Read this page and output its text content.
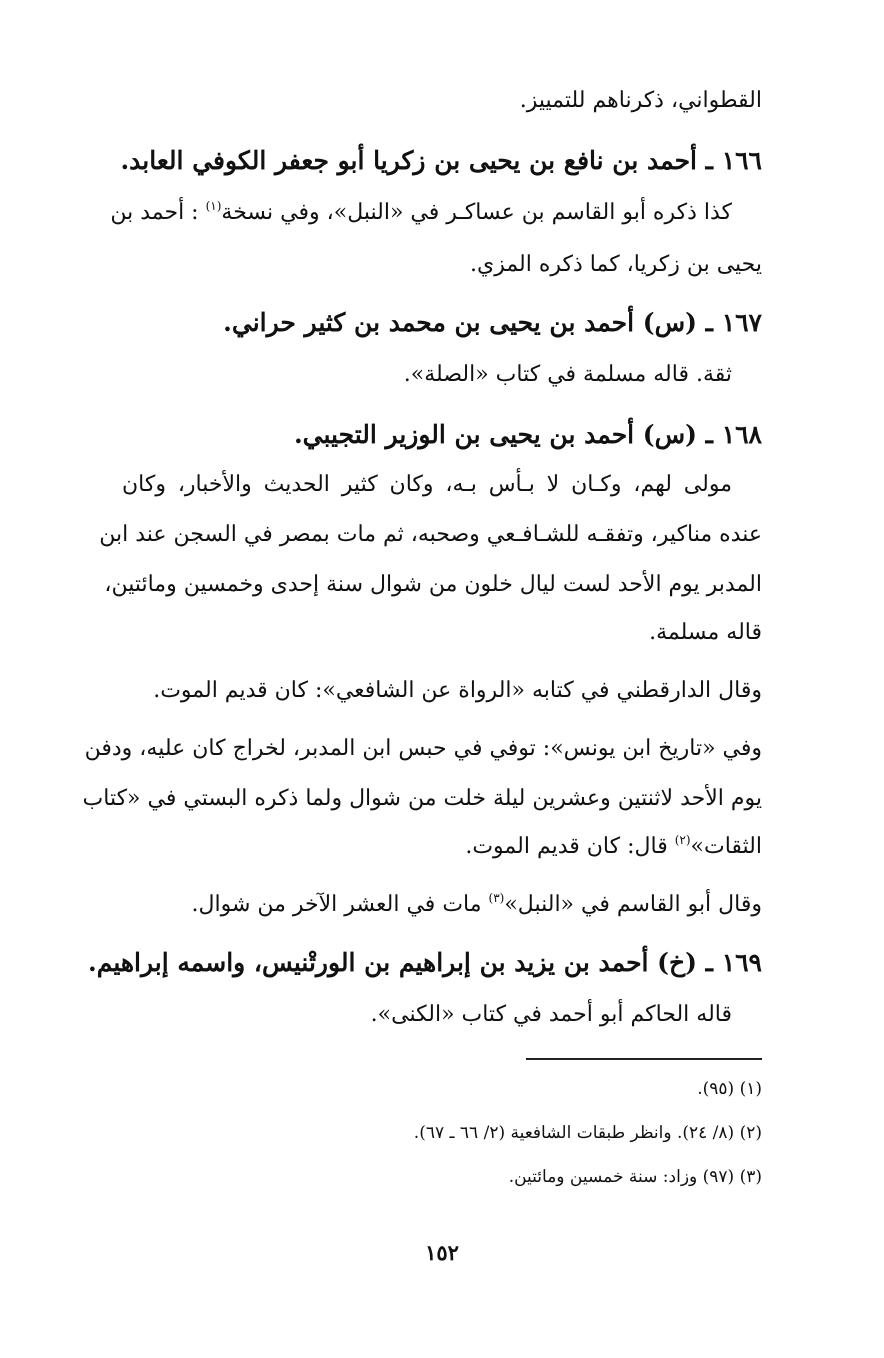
القطواني، ذكرناهم للتمييز.
١٦٦ ـ أحمد بن نافع بن يحيى بن زكريا أبو جعفر الكوفي العابد.
كذا ذكره أبو القاسم بن عساكـر في «النبل»، وفي نسخة$^{(١)}$ : أحمد بن
يحيى بن زكريا، كما ذكره المزي.
١٦٧ ـ (س) أحمد بن يحيى بن محمد بن كثير حراني.
ثقة. قاله مسلمة في كتاب «الصلة».
١٦٨ ـ (س) أحمد بن يحيى بن الوزير التجيبي.
مولى لهم، وكـان لا بـأس بـه، وكان كثير الحديث والأخبار، وكان
عنده مناكير، وتفقـه للشـافـعي وصحبه، ثم مات بمصر في السجن عند ابن
المدبر يوم الأحد لست ليال خلون من شوال سنة إحدى وخمسين ومائتين،
قاله مسلمة.
وقال الدارقطني في كتابه «الرواة عن الشافعي»: كان قديم الموت.
وفي «تاريخ ابن يونس»: توفي في حبس ابن المدبر، لخراج كان عليه، ودفن
يوم الأحد لاثنتين وعشرين ليلة خلت من شوال ولما ذكره البستي في «كتاب
الثقات»$^{(٢)}$ قال: كان قديم الموت.
وقال أبو القاسم في «النبل»$^{(٣)}$ مات في العشر الآخر من شوال.
١٦٩ ـ (خ) أحمد بن يزيد بن إبراهيم بن الورتْنيس، واسمه إبراهيم.
قاله الحاكم أبو أحمد في كتاب «الكنى».
(١) (٩٥).
(٢) (٨/ ٢٤). وانظر طبقات الشافعية (٢/ ٦٦ ـ ٦٧).
(٣) (٩٧) وزاد: سنة خمسين ومائتين.
١٥٢
